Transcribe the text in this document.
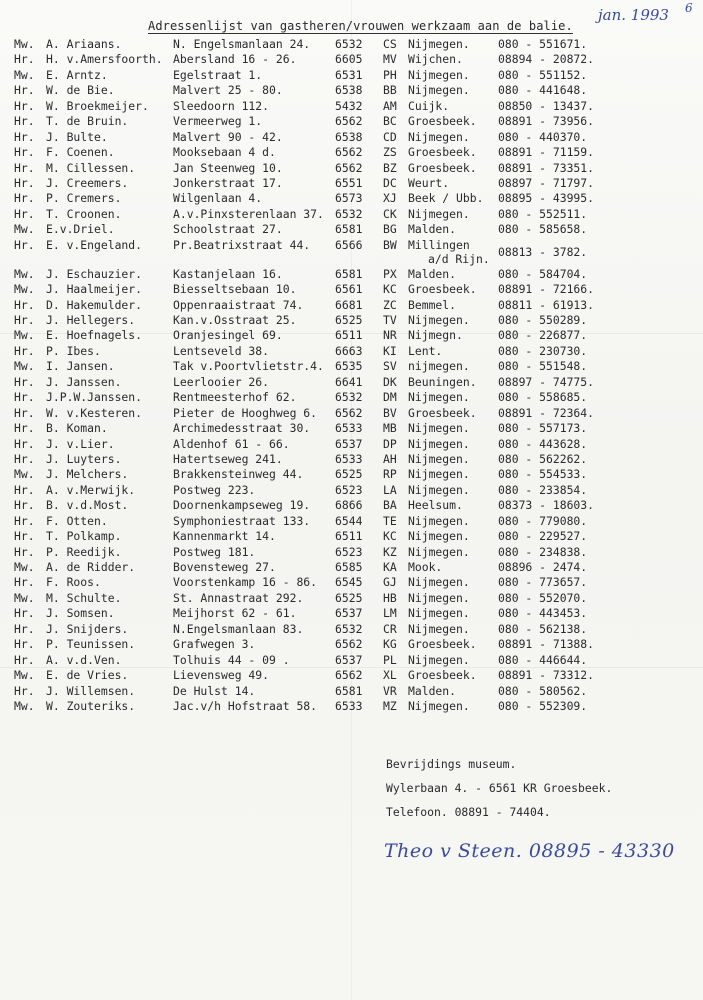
Adressenlijst van gastheren/vrouwen werkzaam aan de balie.
jan. 1993 6
Mw. A. Ariaans.	N. Engelsmanlaan 24. 6532 CS Nijmegen. 080 - 551671.
Hr. H. v.Amersfoorth. Abersland 16 - 26.	6605 MV Wijchen.	08894 - 20872.
Mw. E. Arntz.	Egelstraat 1.	6531 PH Nijmegen. 080 - 551152.
Hr. W. de Bie.	Malvert 25 - 80.	6538 BB Nijmegen. 080 - 441648.
Hr. W. Broekmeijer. Sleedoorn 112.	5432 AM Cuijk.	08850 - 13437.
Hr. T. de Bruin.	Vermeerweg 1.	6562 BC Groesbeek. 08891 - 73956.
Hr. J. Bulte.	Malvert 90 - 42.	6538 CD Nijmegen. 080 - 440370.
Hr. F. Coenen.	Mooksebaan 4 d.	6562 ZS Groesbeek. 08891 - 71159.
Hr. M. Cillessen.	Jan Steenweg 10.	6562 BZ Groesbeek. 08891 - 73351.
Hr. J. Creemers.	Jonkerstraat 17.	6551 DC Weurt.	08897 - 71797.
Hr. P. Cremers.	Wilgenlaan 4.	6573 XJ Beek / Ubb. 08895 - 43995.
Hr. T. Croonen.	A.v.Pinxsterenlaan 37. 6532 CK Nijmegen. 080 - 552511.
Mw. E.v.Driel.	Schoolstraat 27.	6581 BG Malden.	080 - 585658.
Hr. E. v.Engeland.	Pr.Beatrixstraat 44. 6566 BW Millingen 08813 - 3782.
a/d Rijn.
Mw. J. Eschauzier.	Kastanjelaan 16.	6581 PX Malden.	080 - 584704.
Mw. J. Haalmeijer.	Biesseltsebaan 10.	6561 KC Groesbeek. 08891 - 72166.
Hr. D. Hakemulder.	Oppenraaistraat 74.	6681 ZC Bemmel.	08811 - 61913.
Hr. J. Hellegers.	Kan.v.Osstraat 25.	6525 TV Nijmegen. 080 - 550289.
Mw. E. Hoefnagels.	Oranjesingel 69.	6511 NR Nijmegn.	080 - 226877.
Hr. P. Ibes.	Lentseveld 38.	6663 KI Lent.	080 - 230730.
Mw. I. Jansen.	Tak v.Poortvlietstr.4. 6535 SV nijmegen. 080 - 551548.
Hr. J. Janssen.	Leerlooier 26.	6641 DK Beuningen. 08897 - 74775.
Hr. J.P.W.Janssen.	Rentmeesterhof 62.	6532 DM Nijmegen. 080 - 558685.
Hr. W. v.Kesteren.	Pieter de Hooghweg 6. 6562 BV Groesbeek. 08891 - 72364.
Hr. B. Koman.	Archimedesstraat 30. 6533 MB Nijmegen. 080 - 557173.
Hr. J. v.Lier.	Aldenhof 61 - 66.	6537 DP Nijmegen. 080 - 443628.
Hr. J. Luyters.	Hatertseweg 241.	6533 AH Nijmegen. 080 - 562262.
Mw. J. Melchers.	Brakkensteinweg 44.	6525 RP Nijmegen. 080 - 554533.
Hr. A. v.Merwijk.	Postweg 223.	6523 LA Nijmegen. 080 - 233854.
Hr. B. v.d.Most.	Doornenkampseweg 19. 6866 BA Heelsum.	08373 - 18603.
Hr. F. Otten.	Symphoniestraat 133. 6544 TE Nijmegen. 080 - 779080.
Hr. T. Polkamp.	Kannenmarkt 14.	6511 KC Nijmegen. 080 - 229527.
Hr. P. Reedijk.	Postweg 181.	6523 KZ Nijmegen. 080 - 234838.
Mw. A. de Ridder.	Bovensteweg 27.	6585 KA Mook.	08896 - 2474.
Hr. F. Roos.	Voorstenkamp 16 - 86. 6545 GJ Nijmegen. 080 - 773657.
Mw. M. Schulte.	St. Annastraat 292.	6525 HB Nijmegen. 080 - 552070.
Hr. J. Somsen.	Meijhorst 62 - 61.	6537 LM Nijmegen. 080 - 443453.
Hr. J. Snijders.	N.Engelsmanlaan 83.	6532 CR Nijmegen. 080 - 562138.
Hr. P. Teunissen.	Grafwegen 3.	6562 KG Groesbeek. 08891 - 71388.
Hr. A. v.d.Ven.	Tolhuis 44 - 09 .	6537 PL Nijmegen. 080 - 446644.
Mw. E. de Vries.	Lievensweg 49.	6562 XL Groesbeek. 08891 - 73312.
Hr. J. Willemsen.	De Hulst 14.	6581 VR Malden.	080 - 580562.
Mw. W. Zouteriks.	Jac.v/h Hofstraat 58. 6533 MZ Nijmegen. 080 - 552309.
Bevrijdings museum.
Wylerbaan 4. - 6561 KR Groesbeek.
Telefoon. 08891 - 74404.
Theo v Steen. 08895 - 43330
